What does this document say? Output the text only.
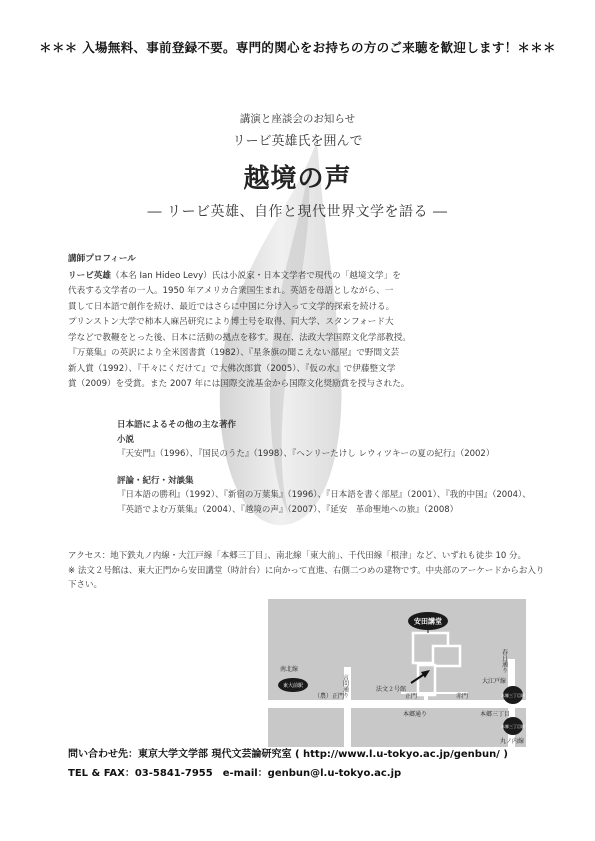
＊＊＊ 入場無料、事前登録不要。専門的関心をお持ちの方のご来聴を歓迎します！＊＊＊
講演と座談会のお知らせ
リービ英雄氏を囲んで
越境の声
― リービ英雄、自作と現代世界文学を語る ―
講師プロフィール
リービ英雄（本名 Ian Hideo Levy）氏は小説家・日本文学者で現代の「越境文学」を
代表する文学者の一人。1950 年アメリカ合衆国生まれ。英語を母語としながら、一
貫して日本語で創作を続け、最近ではさらに中国に分け入って文学的探索を続ける。
プリンストン大学で柿本人麻呂研究により博士号を取得、同大学、スタンフォード大
学などで教鞭をとった後、日本に活動の拠点を移す。現在、法政大学国際文化学部教授。
『万葉集』の英訳により全米図書賞（1982）、『星条旗の聞こえない部屋』で野間文芸
新人賞（1992）、『千々にくだけて』で大佛次郎賞（2005）、『仮の水』で伊藤整文学
賞（2009）を受賞。また 2007 年には国際交流基金から国際文化奨励賞を授与された。
日本語によるその他の主な著作
小説
『天安門』（1996）、『国民のうた』（1998）、『ヘンリーたけし レウィツキーの夏の紀行』（2002）
評論・紀行・対談集
『日本語の勝利』（1992）、『新宿の万葉集』（1996）、『日本語を書く部屋』（2001）、『我的中国』（2004）、
『英語でよむ万葉集』（2004）、『越境の声』（2007）、『延安　革命聖地への旅』（2008）
アクセス：地下鉄丸ノ内線・大江戸線「本郷三丁目」、南北線「東大前」、千代田線「根津」など、いずれも徒歩 10 分。
※ 法文２号館は、東大正門から安田講堂（時計台）に向かって直進、右側二つめの建物です。中央部のアーケードからお入り
下さい。
安田講堂
法文２号館
言問通り
春日通り
（農）正門	正門	赤門
本郷通り	本郷三丁目
南北線
東大前駅
大江戸線
本郷三丁目駅
本郷三丁目駅
丸ノ内線
問い合わせ先：東京大学文学部 現代文芸論研究室 ( http://www.l.u-tokyo.ac.jp/genbun/ )
TEL & FAX：03-5841-7955　e-mail：genbun@l.u-tokyo.ac.jp
